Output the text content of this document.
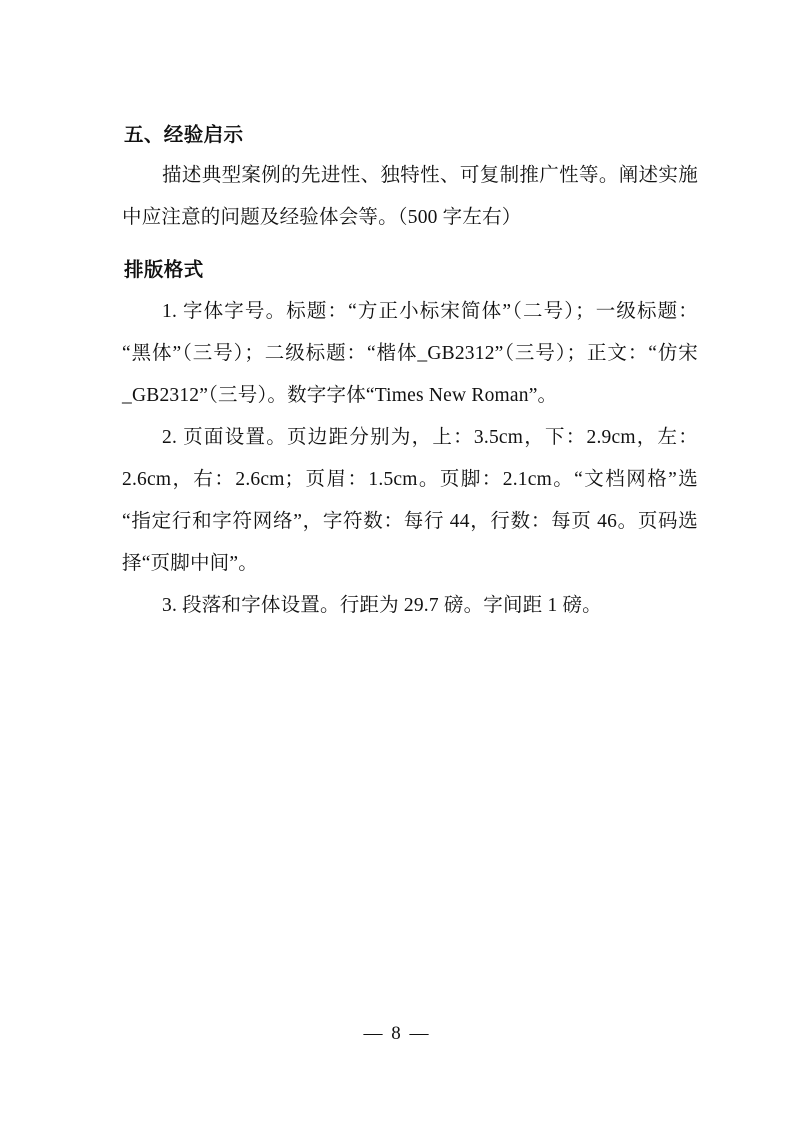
五、经验启示

描述典型案例的先进性、独特性、可复制推广性等。阐述实施中应注意的问题及经验体会等。（500 字左右）

排版格式

1. 字体字号。标题：“方正小标宋简体”（二号）；一级标题：“黑体”（三号）；二级标题：“楷体_GB2312”（三号）；正文：“仿宋_GB2312”（三号）。数字字体“Times New Roman”。

2. 页面设置。页边距分别为，上：3.5cm，下：2.9cm，左：2.6cm，右：2.6cm；页眉：1.5cm。页脚：2.1cm。“文档网格”选“指定行和字符网络”，字符数：每行 44，行数：每页 46。页码选择“页脚中间”。

3. 段落和字体设置。行距为 29.7 磅。字间距 1 磅。

— 8 —
